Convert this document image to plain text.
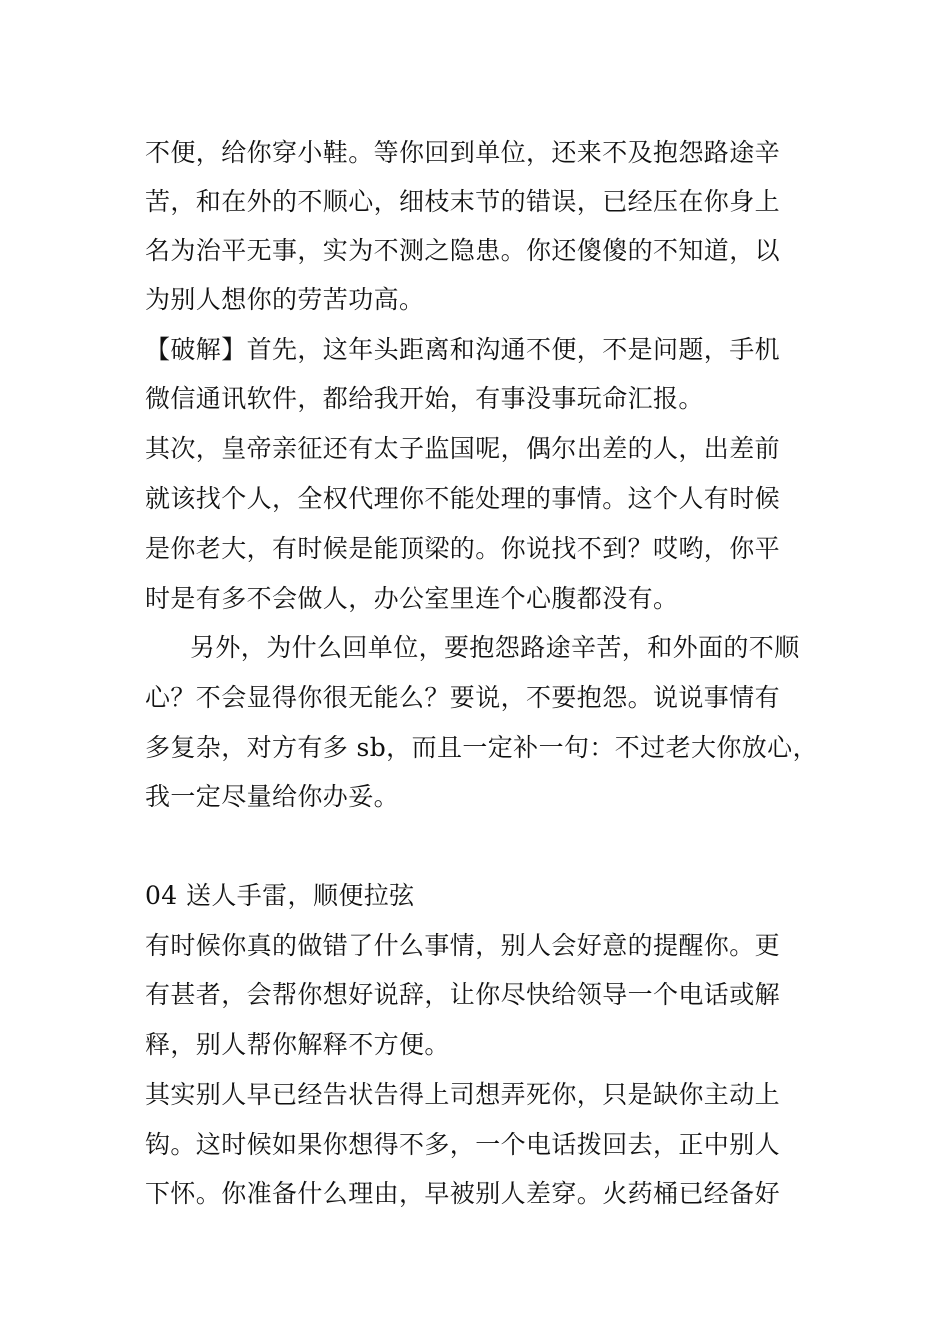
不便，给你穿小鞋。等你回到单位，还来不及抱怨路途辛
苦，和在外的不顺心，细枝末节的错误，已经压在你身上
名为治平无事，实为不测之隐患。你还傻傻的不知道，以
为别人想你的劳苦功高。
【破解】首先，这年头距离和沟通不便，不是问题，手机
微信通讯软件，都给我开始，有事没事玩命汇报。
其次，皇帝亲征还有太子监国呢，偶尔出差的人，出差前
就该找个人，全权代理你不能处理的事情。这个人有时候
是你老大，有时候是能顶梁的。你说找不到？哎哟，你平
时是有多不会做人，办公室里连个心腹都没有。
另外，为什么回单位，要抱怨路途辛苦，和外面的不顺
心？不会显得你很无能么？要说，不要抱怨。说说事情有
多复杂，对方有多 sb，而且一定补一句：不过老大你放心，
我一定尽量给你办妥。
04 送人手雷，顺便拉弦
有时候你真的做错了什么事情，别人会好意的提醒你。更
有甚者，会帮你想好说辞，让你尽快给领导一个电话或解
释，别人帮你解释不方便。
其实别人早已经告状告得上司想弄死你，只是缺你主动上
钩。这时候如果你想得不多，一个电话拨回去，正中别人
下怀。你准备什么理由，早被别人差穿。火药桶已经备好
